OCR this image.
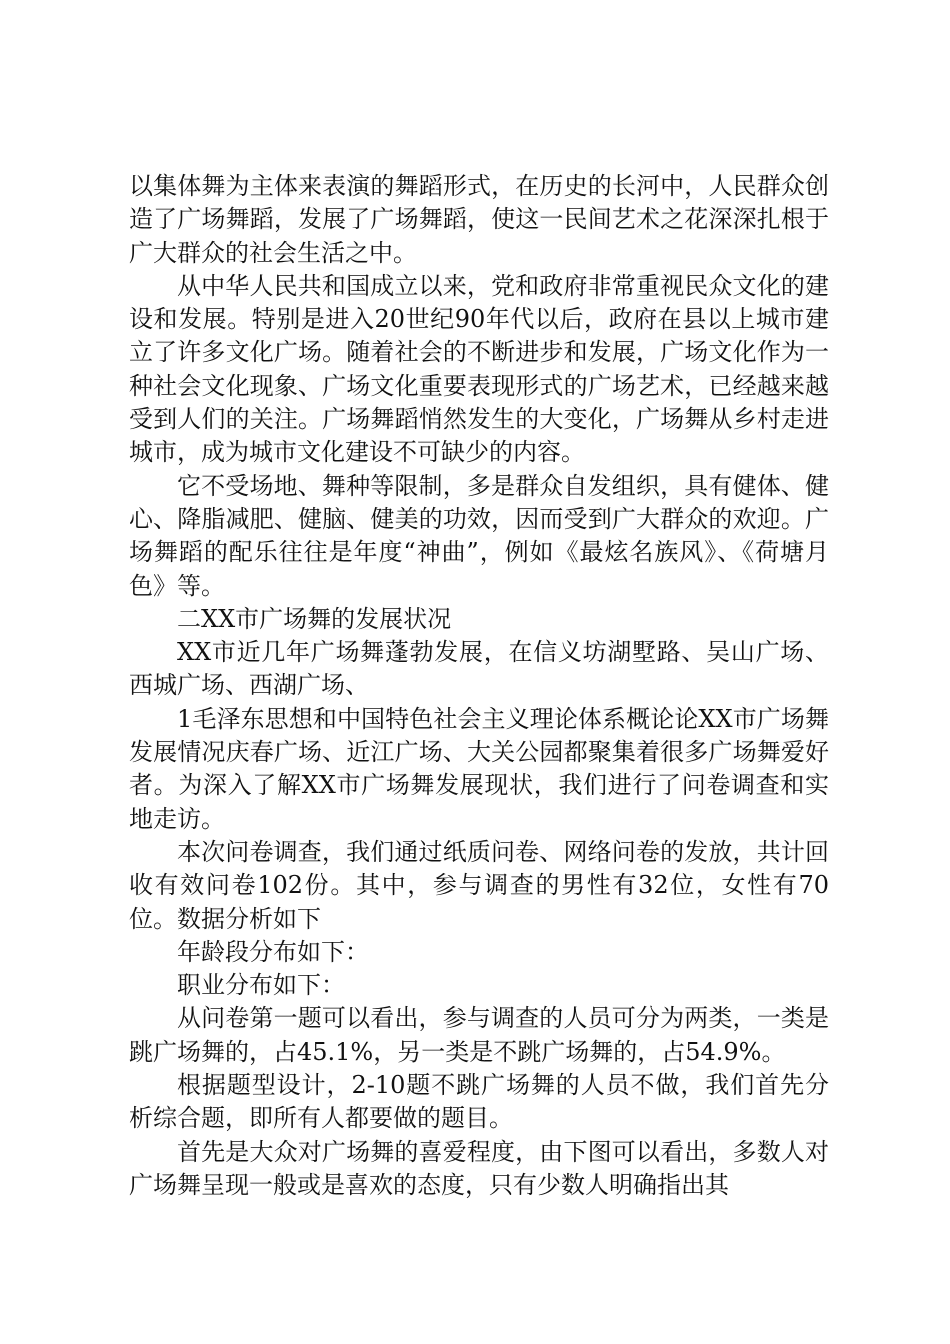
以集体舞为主体来表演的舞蹈形式，在历史的长河中，人民群众创造了广场舞蹈，发展了广场舞蹈，使这一民间艺术之花深深扎根于广大群众的社会生活之中。

从中华人民共和国成立以来，党和政府非常重视民众文化的建设和发展。特别是进入20世纪90年代以后，政府在县以上城市建立了许多文化广场。随着社会的不断进步和发展，广场文化作为一种社会文化现象、广场文化重要表现形式的广场艺术，已经越来越受到人们的关注。广场舞蹈悄然发生的大变化，广场舞从乡村走进城市，成为城市文化建设不可缺少的内容。

它不受场地、舞种等限制，多是群众自发组织，具有健体、健心、降脂减肥、健脑、健美的功效，因而受到广大群众的欢迎。广场舞蹈的配乐往往是年度“神曲”，例如《最炫名族风》、《荷塘月色》等。

二XX市广场舞的发展状况

XX市近几年广场舞蓬勃发展，在信义坊湖墅路、吴山广场、西城广场、西湖广场、

1毛泽东思想和中国特色社会主义理论体系概论论XX市广场舞发展情况庆春广场、近江广场、大关公园都聚集着很多广场舞爱好者。为深入了解XX市广场舞发展现状，我们进行了问卷调查和实地走访。

本次问卷调查，我们通过纸质问卷、网络问卷的发放，共计回收有效问卷102份。其中，参与调查的男性有32位，女性有70位。数据分析如下

年龄段分布如下：

职业分布如下：

从问卷第一题可以看出，参与调查的人员可分为两类，一类是跳广场舞的，占45.1%，另一类是不跳广场舞的，占54.9%。

根据题型设计，2-10题不跳广场舞的人员不做，我们首先分析综合题，即所有人都要做的题目。

首先是大众对广场舞的喜爱程度，由下图可以看出，多数人对广场舞呈现一般或是喜欢的态度，只有少数人明确指出其
